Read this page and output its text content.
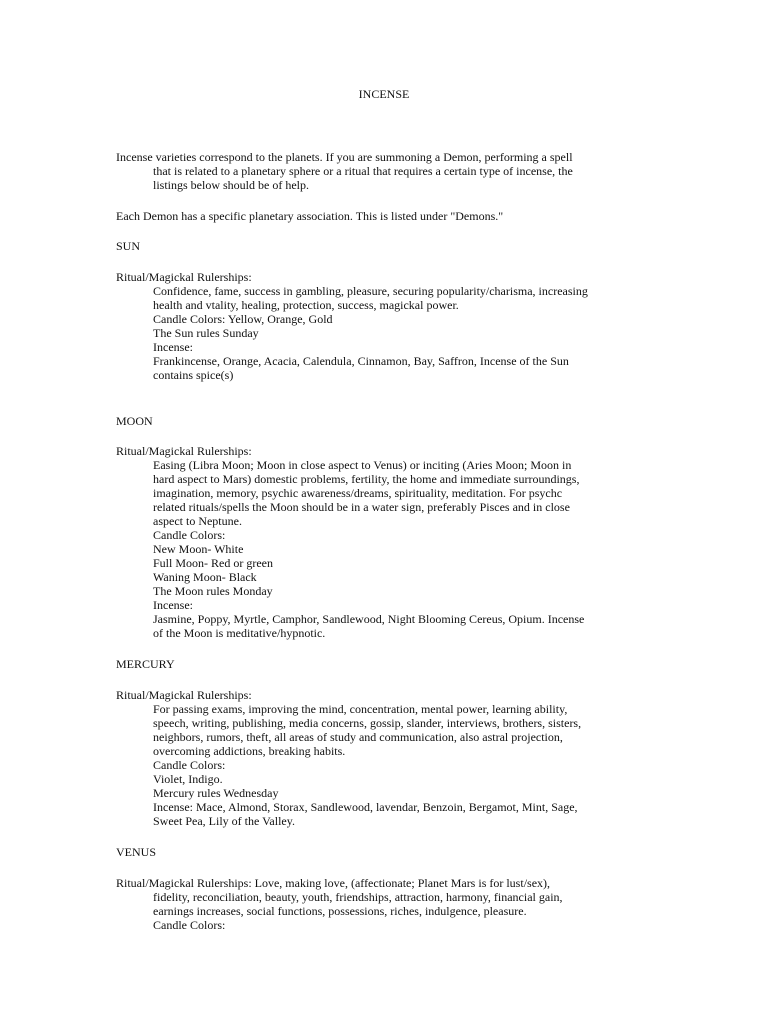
INCENSE
Incense varieties correspond to the planets. If you are summoning a Demon, performing a spell
that is related to a planetary sphere or a ritual that requires a certain type of incense, the
listings below should be of help.
Each Demon has a specific planetary association. This is listed under "Demons."
SUN
Ritual/Magickal Rulerships:
Confidence, fame, success in gambling, pleasure, securing popularity/charisma, increasing
health and vtality, healing, protection, success, magickal power.
Candle Colors: Yellow, Orange, Gold
The Sun rules Sunday
Incense:
Frankincense, Orange, Acacia, Calendula, Cinnamon, Bay, Saffron, Incense of the Sun
contains spice(s)
MOON
Ritual/Magickal Rulerships:
Easing (Libra Moon; Moon in close aspect to Venus) or inciting (Aries Moon; Moon in
hard aspect to Mars) domestic problems, fertility, the home and immediate surroundings,
imagination, memory, psychic awareness/dreams, spirituality, meditation. For psychc
related rituals/spells the Moon should be in a water sign, preferably Pisces and in close
aspect to Neptune.
Candle Colors:
New Moon- White
Full Moon- Red or green
Waning Moon- Black
The Moon rules Monday
Incense:
Jasmine, Poppy, Myrtle, Camphor, Sandlewood, Night Blooming Cereus, Opium. Incense
of the Moon is meditative/hypnotic.
MERCURY
Ritual/Magickal Rulerships:
For passing exams, improving the mind, concentration, mental power, learning ability,
speech, writing, publishing, media concerns, gossip, slander, interviews, brothers, sisters,
neighbors, rumors, theft, all areas of study and communication, also astral projection,
overcoming addictions, breaking habits.
Candle Colors:
Violet, Indigo.
Mercury rules Wednesday
Incense: Mace, Almond, Storax, Sandlewood, lavendar, Benzoin, Bergamot, Mint, Sage,
Sweet Pea, Lily of the Valley.
VENUS
Ritual/Magickal Rulerships: Love, making love, (affectionate; Planet Mars is for lust/sex),
fidelity, reconciliation, beauty, youth, friendships, attraction, harmony, financial gain,
earnings increases, social functions, possessions, riches, indulgence, pleasure.
Candle Colors:
